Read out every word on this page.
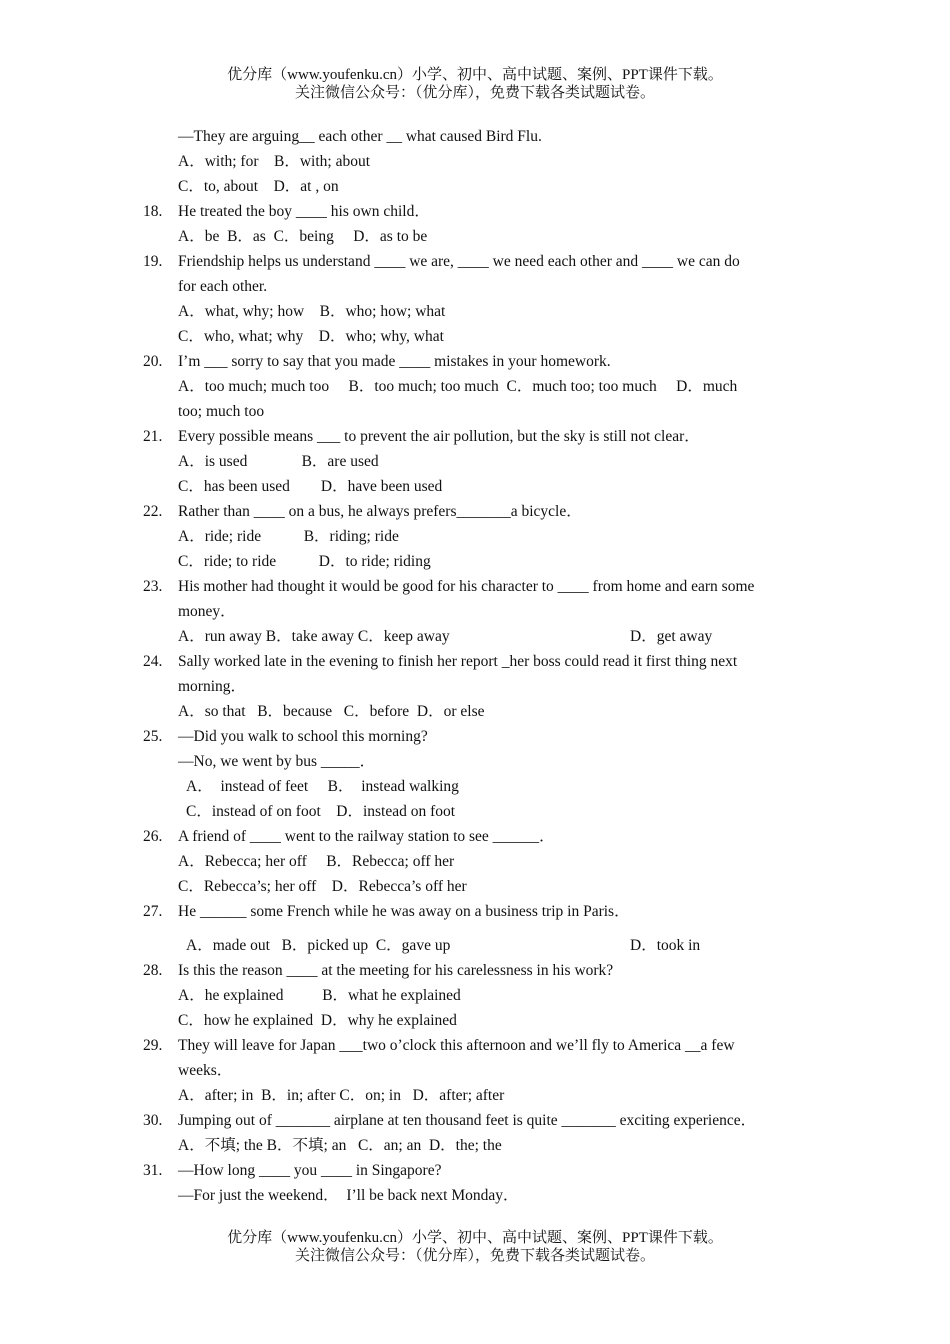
优分库（www.youfenku.cn）小学、初中、高中试题、案例、PPT课件下载。
关注微信公众号：（优分库），免费下载各类试题试卷。
—They are arguing__ each other __ what caused Bird Flu.
A．with; for    B．with; about
C．to, about    D．at , on
18. He treated the boy ____ his own child．
A．be  B．as  C．being     D．as to be
19. Friendship helps us understand ____ we are, ____ we need each other and ____ we can do
for each other.
A．what, why; how    B．who; how; what
C．who, what; why    D．who; why, what
20. I’m ___ sorry to say that you made ____ mistakes in your homework.
A．too much; much too     B．too much; too much  C．much too; too much     D．much
too; much too
21. Every possible means ___ to prevent the air pollution, but the sky is still not clear．
A．is used              B．are used
C．has been used        D．have been used
22. Rather than ____ on a bus, he always prefers_______a bicycle．
A．ride; ride           B．riding; ride
C．ride; to ride           D．to ride; riding
23. His mother had thought it would be good for his character to ____ from home and earn some
money．
A．run away B．take away C．keep away	D．get away
24. Sally worked late in the evening to finish her report _her boss could read it first thing next
morning．
A．so that   B．because   C．before  D．or else
25. —Did you walk to school this morning?
—No, we went by bus _____．
A．  instead of feet     B．  instead walking
C．instead of on foot    D．instead on foot
26. A friend of ____ went to the railway station to see ______．
A．Rebecca; her off     B．Rebecca; off her
C．Rebecca’s; her off    D．Rebecca’s off her
27. He ______ some French while he was away on a business trip in Paris．
A．made out   B．picked up  C．gave up	D．took in
28. Is this the reason ____ at the meeting for his carelessness in his work?
A．he explained          B．what he explained
C．how he explained  D．why he explained
29. They will leave for Japan ___two o’clock this afternoon and we’ll fly to America __a few
weeks．
A．after; in  B．in; after C．on; in   D．after; after
30. Jumping out of _______ airplane at ten thousand feet is quite _______ exciting experience．
A．不填; the B．不填; an   C．an; an  D．the; the
31. —How long ____ you ____ in Singapore?
—For just the weekend．  I’ll be back next Monday．
优分库（www.youfenku.cn）小学、初中、高中试题、案例、PPT课件下载。
关注微信公众号：（优分库），免费下载各类试题试卷。
